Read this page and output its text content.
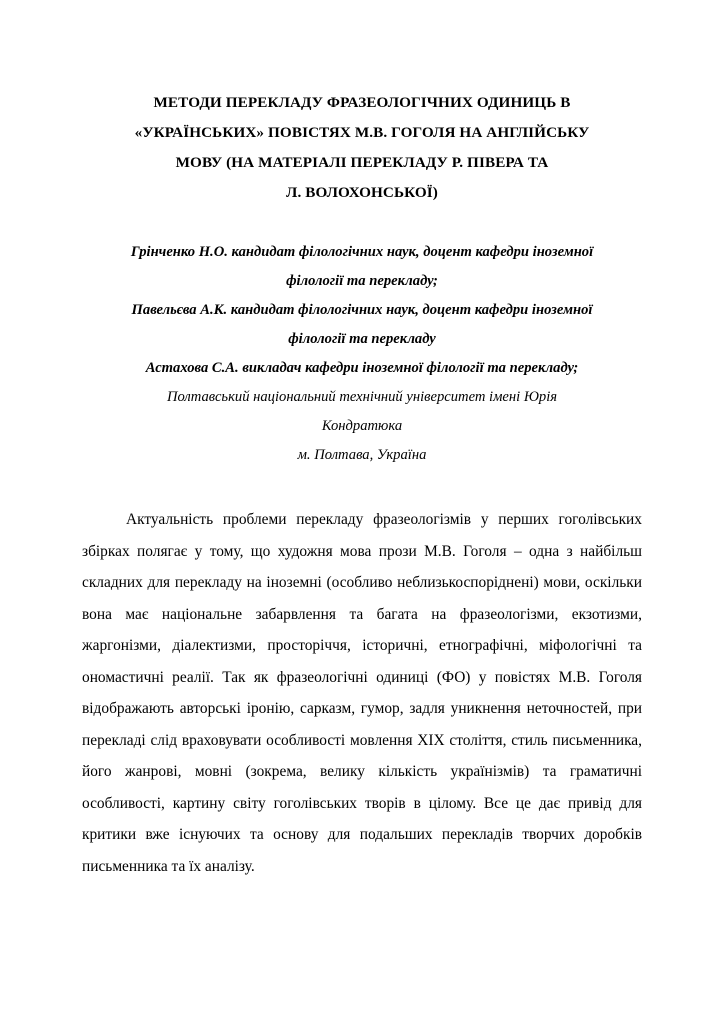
МЕТОДИ ПЕРЕКЛАДУ ФРАЗЕОЛОГІЧНИХ ОДИНИЦЬ В
«УКРАЇНСЬКИХ» ПОВІСТЯХ М.В. ГОГОЛЯ НА АНГЛІЙСЬКУ
МОВУ (НА МАТЕРІАЛІ ПЕРЕКЛАДУ Р. ПІВЕРА ТА
Л. ВОЛОХОНСЬКОЇ)
Грінченко Н.О. кандидат філологічних наук, доцент кафедри іноземної
філології та перекладу;
Павельєва А.К. кандидат філологічних наук, доцент кафедри іноземної
філології та перекладу
Астахова С.А. викладач кафедри іноземної філології та перекладу;
Полтавський національний технічний університет імені Юрія
Кондратюка
м. Полтава, Україна

Актуальність проблеми перекладу фразеологізмів у перших гоголівських збірках полягає у тому, що художня мова прози М.В. Гоголя – одна з найбільш складних для перекладу на іноземні (особливо неблизькоспоріднені) мови, оскільки вона має національне забарвлення та багата на фразеологізми, екзотизми, жаргонізми, діалектизми, просторіччя, історичні, етнографічні, міфологічні та ономастичні реалії. Так як фразеологічні одиниці (ФО) у повістях М.В. Гоголя відображають авторські іронію, сарказм, гумор, задля уникнення неточностей, при перекладі слід враховувати особливості мовлення XIX століття, стиль письменника, його жанрові, мовні (зокрема, велику кількість українізмів) та граматичні особливості, картину світу гоголівських творів в цілому. Все це дає привід для критики вже існуючих та основу для подальших перекладів творчих доробків письменника та їх аналізу.
